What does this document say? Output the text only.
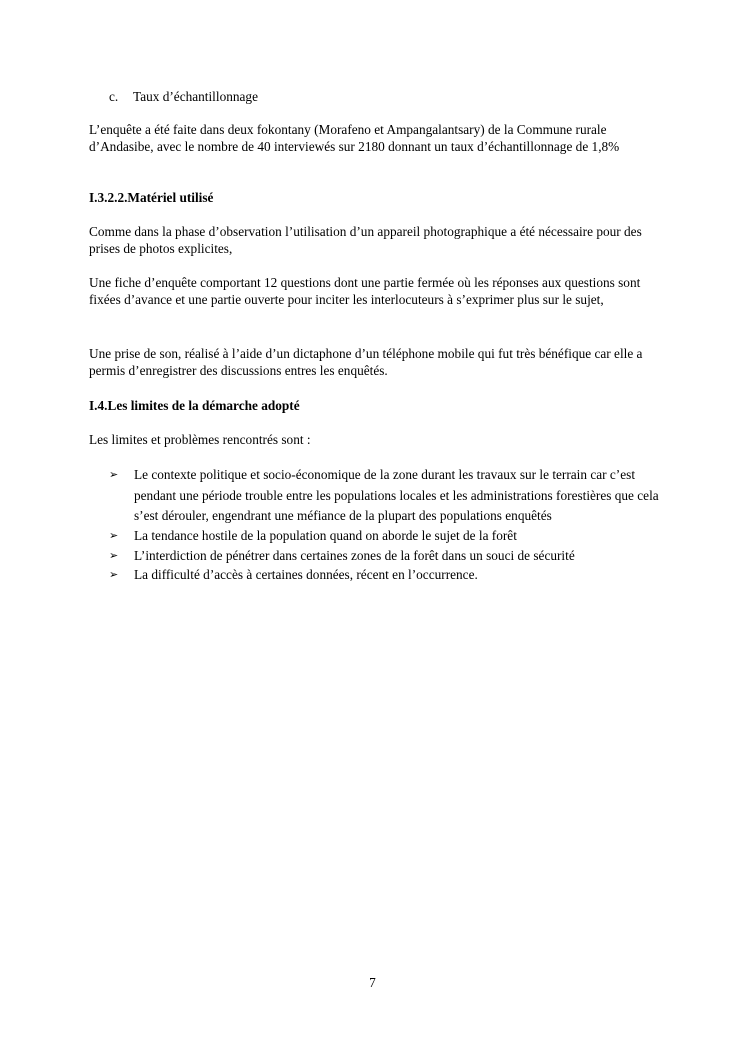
c. Taux d’échantillonnage

L’enquête a été faite dans deux fokontany (Morafeno et Ampangalantsary) de la Commune rurale d’Andasibe, avec le nombre de 40 interviewés sur 2180 donnant un taux d’échantillonnage de 1,8%

I.3.2.2.Matériel utilisé

Comme dans la phase d’observation l’utilisation d’un appareil photographique a été nécessaire pour des prises de photos explicites,

Une fiche d’enquête comportant 12 questions dont une partie fermée où les réponses aux questions sont fixées d’avance et une partie ouverte pour inciter les interlocuteurs à s’exprimer plus sur le sujet,

Une prise de son, réalisé à l’aide d’un dictaphone d’un téléphone mobile qui fut très bénéfique car elle a permis d’enregistrer des discussions entres les enquêtés.

I.4.Les limites de la démarche adopté

Les limites et problèmes rencontrés sont :

➢ Le contexte politique et socio-économique de la zone durant les travaux sur le terrain car c’est pendant une période trouble entre les populations locales et les administrations forestières que cela s’est dérouler, engendrant une méfiance de la plupart des populations enquêtés
➢ La tendance hostile de la population quand on aborde le sujet de la forêt
➢ L’interdiction de pénétrer dans certaines zones de la forêt dans un souci de sécurité
➢ La difficulté d’accès à certaines données, récent en l’occurrence.

7
